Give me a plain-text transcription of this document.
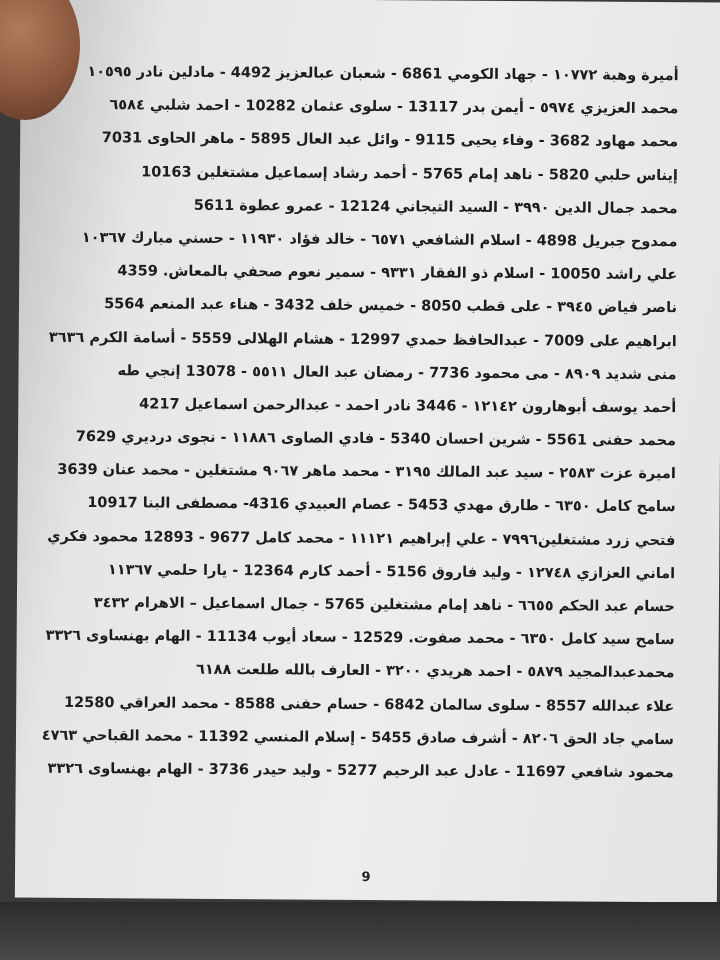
أميرة وهبة ١٠٧٧٢ - جهاد الكومي 6861 - شعبان عبالعزيز 4492 - مادلين نادر ١٠٥٩٥
محمد العزيزي ٥٩٧٤ - أيمن بدر 13117 - سلوى عثمان 10282 - احمد شلبي ٦٥٨٤
محمد مهاود 3682 - وفاء يحيى 9115 - وائل عبد العال 5895 - ماهر الحاوى 7031
إيناس حلبي 5820 - ناهد إمام 5765 - أحمد رشاد إسماعيل مشتغلين 10163
محمد جمال الدين ٣٩٩٠ - السيد التيجاني 12124 - عمرو عطوة 5611
ممدوح جبريل 4898 - اسلام الشافعي ٦٥٧١ - خالد فؤاد ١١٩٣٠ - حسني مبارك ١٠٣٦٧
علي راشد 10050 - اسلام ذو الفقار ٩٣٣١ - سمير نعوم صحفي بالمعاش. 4359
ناصر فياض ٣٩٤٥ - على قطب 8050 - خميس خلف 3432 - هناء عبد المنعم 5564
ابراهيم على 7009 - عبدالحافظ حمدي 12997 - هشام الهلالى 5559 - أسامة الكرم ٣٦٣٦
منى شديد ٨٩٠٩ - مى محمود 7736 - رمضان عبد العال ٥٥١١ - 13078 إنجي طه
أحمد يوسف أبوهارون ١٢١٤٢ - 3446 نادر احمد - عبدالرحمن اسماعيل 4217
محمد حفنى 5561 - شرين احسان 5340 - فادي الصاوى ١١٨٨٦ - نجوى درديري 7629
اميرة عزت ٢٥٨٣ - سيد عبد المالك ٣١٩٥ - محمد ماهر ٩٠٦٧ مشتغلين - محمد عنان 3639
سامح كامل ٦٣٥٠ - طارق مهدي 5453 - عصام العبيدي 4316- مصطفى البنا 10917
فتحي زرد مشتغلين٧٩٩٦ - علي إبراهيم ١١١٢١ - محمد كامل 9677 - 12893 محمود فكري
اماني العزازي ١٢٧٤٨ - وليد فاروق 5156 - أحمد كارم 12364 - يارا حلمي ١١٣٦٧
حسام عبد الحكم ٦٦٥٥ - ناهد إمام مشتغلين 5765 - جمال اسماعيل – الاهرام ٣٤٣٢
سامح سيد كامل ٦٣٥٠ - محمد صفوت. 12529 - سعاد أيوب 11134 - الهام بهنساوى ٣٣٢٦
محمدعبدالمجيد ٥٨٧٩ - احمد هريدي ٣٢٠٠ - العارف بالله طلعت ٦١٨٨
علاء عبدالله 8557 - سلوى سالمان 6842 - حسام حفنى 8588 - محمد العراقي 12580
سامي جاد الحق ٨٢٠٦ - أشرف صادق 5455 - إسلام المنسي 11392 - محمد القباحي ٤٧٦٣
محمود شافعي 11697 - عادل عبد الرحيم 5277 - وليد حيدر 3736 - الهام بهنساوى ٣٣٢٦
9
